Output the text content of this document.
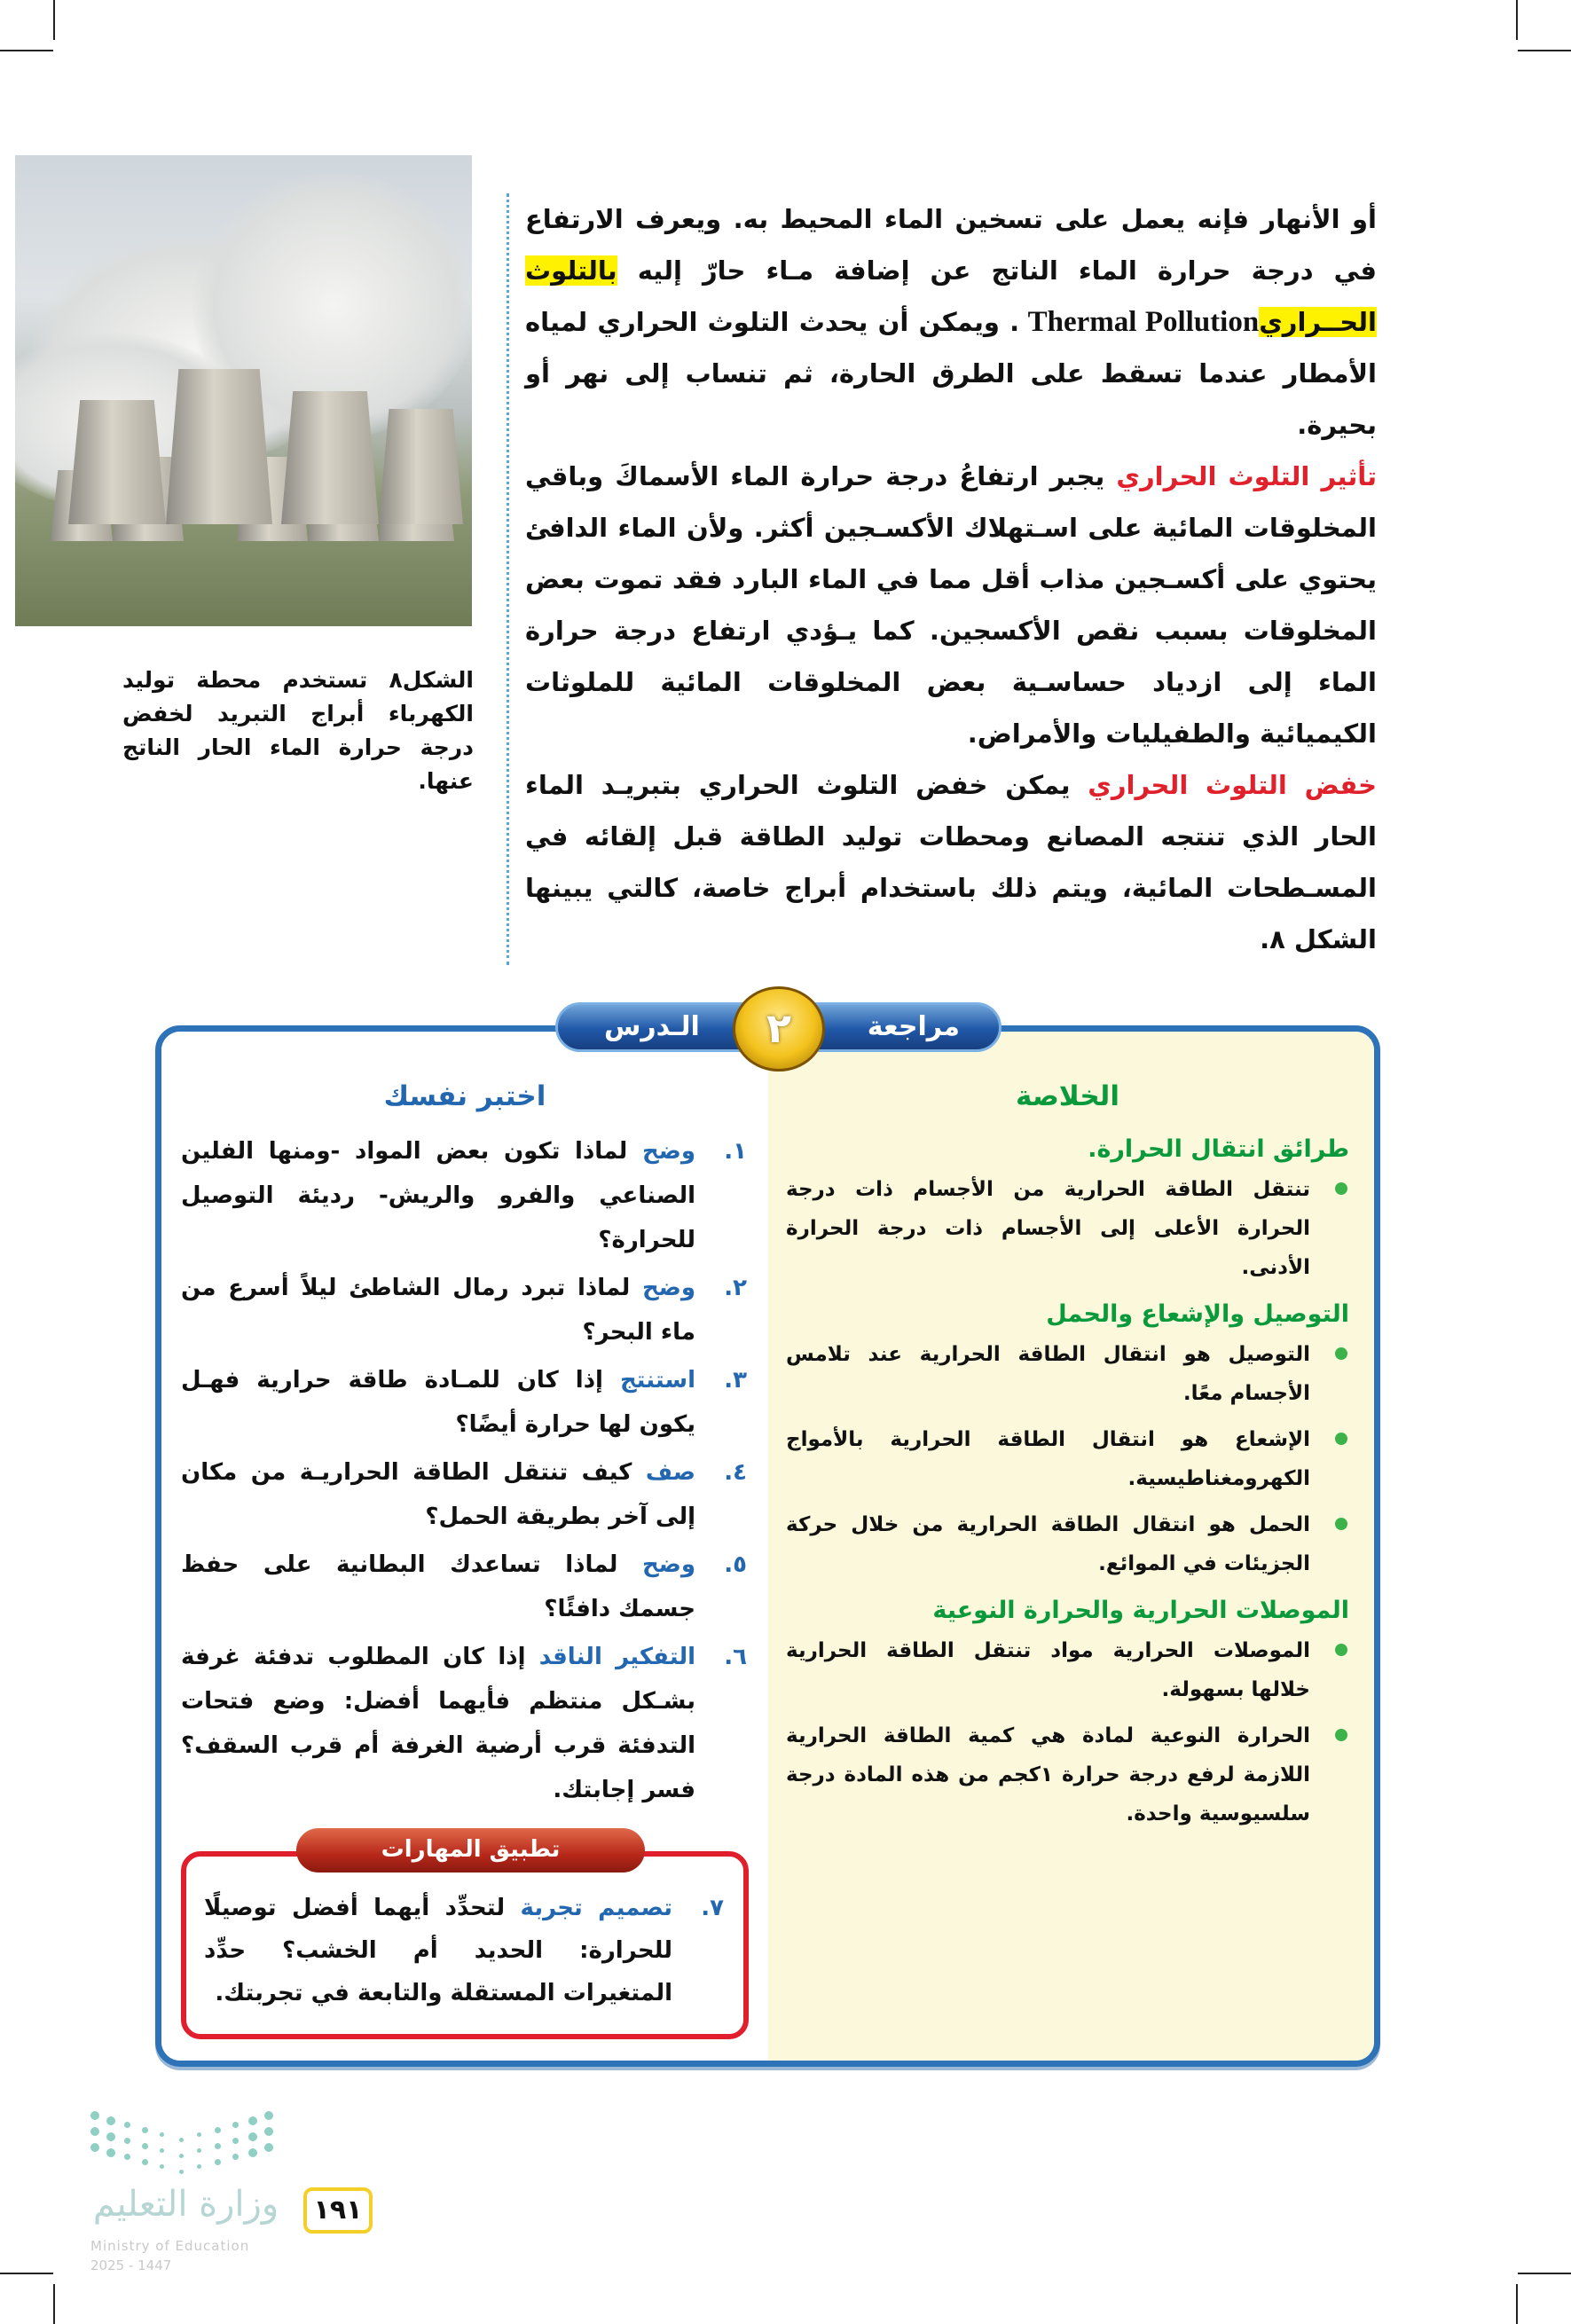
الشكل٨ تستخدم محطة توليد الكهرباء أبراج التبريد لخفض درجة حرارة الماء الحار الناتج عنها.

أو الأنهار فإنه يعمل على تسخين الماء المحيط به. ويعرف الارتفاع في درجة حرارة الماء الناتج عن إضافة مـاء حارّ إليه بالتلوث الحــراري Thermal Pollution. ويمكن أن يحدث التلوث الحراري لمياه الأمطار عندما تسقط على الطرق الحارة، ثم تنساب إلى نهر أو بحيرة.

تأثير التلوث الحراري يجبر ارتفاعُ درجة حرارة الماء الأسماكَ وباقي المخلوقات المائية على اسـتهلاك الأكسـجين أكثر. ولأن الماء الدافئ يحتوي على أكسـجين مذاب أقل مما في الماء البارد فقد تموت بعض المخلوقات بسبب نقص الأكسجين. كما يـؤدي ارتفاع درجة حرارة الماء إلى ازدياد حساسـية بعض المخلوقات المائية للملوثات الكيميائية والطفيليات والأمراض.

خفض التلوث الحراري يمكن خفض التلوث الحراري بتبريـد الماء الحار الذي تنتجه المصانع ومحطات توليد الطاقة قبل إلقائه في المسـطحات المائية، ويتم ذلك باستخدام أبراج خاصة، كالتي يبينها الشكل ٨.

مراجعة
الـدرس	٢
اختبر نفسك
١.
وضح لماذا تكون بعض المواد -ومنها الفلين الصناعي والفرو والريش- رديئة التوصيل للحرارة؟
٢.
وضح لماذا تبرد رمال الشاطئ ليلاً أسرع من ماء البحر؟
٣.
استنتج إذا كان للمـادة طاقة حرارية فهـل يكون لها حرارة أيضًا؟
٤.
صف كيف تنتقل الطاقة الحراريـة من مكان إلى آخر بطريقة الحمل؟
٥.
وضح لماذا تساعدك البطانية على حفظ جسمك دافئًا؟
٦.
التفكير الناقد إذا كان المطلوب تدفئة غرفة بشـكل منتظم فأيهما أفضل: وضع فتحات التدفئة قرب أرضية الغرفة أم قرب السقف؟ فسر إجابتك.
٧.
تصميم تجربة لتحدِّد أيهما أفضل توصيلًا للحرارة: الحديد أم الخشب؟ حدِّد المتغيرات المستقلة والتابعة في تجربتك.
تطبيق المهارات
الخلاصة
طرائق انتقال الحرارة.
تنتقل الطاقة الحرارية من الأجسام ذات درجة الحرارة الأعلى إلى الأجسام ذات درجة الحرارة الأدنى.
التوصيل والإشعاع والحمل
التوصيل هو انتقال الطاقة الحرارية عند تلامس الأجسام معًا.
الإشعاع هو انتقال الطاقة الحرارية بالأمواج الكهرومغناطيسية.
الحمل هو انتقال الطاقة الحرارية من خلال حركة الجزيئات في الموائع.
الموصلات الحرارية والحرارة النوعية
الموصلات الحرارية مواد تنتقل الطاقة الحرارية خلالها بسهولة.
الحرارة النوعية لمادة هي كمية الطاقة الحرارية اللازمة لرفع درجة حرارة ١كجم من هذه المادة درجة سلسيوسية واحدة.
وزارة التعليم
Ministry of Education
2025 - 1447
١٩١
